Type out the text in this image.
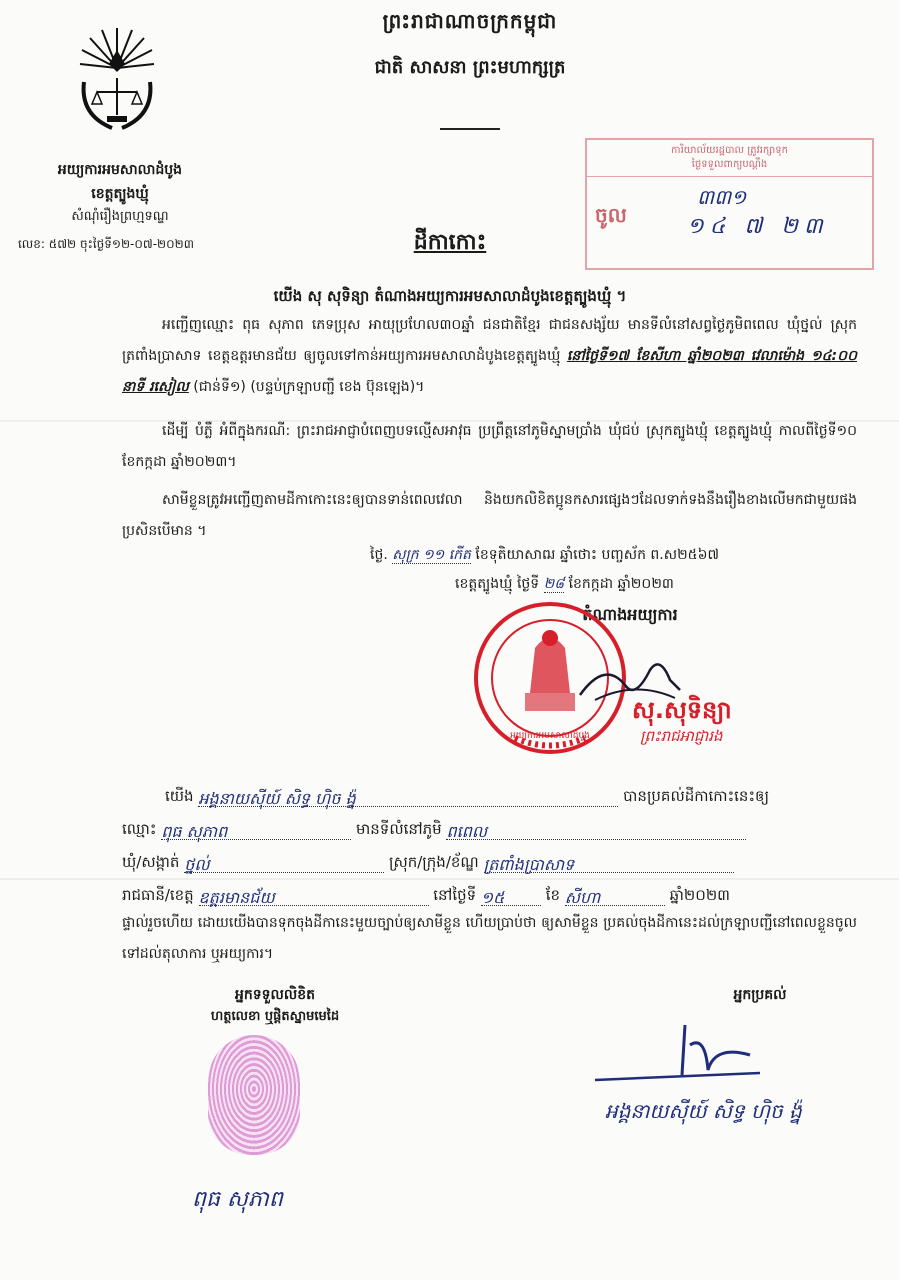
ព្រះរាជាណាចក្រកម្ពុជា
ជាតិ សាសនា ព្រះមហាក្សត្រ
អយ្យការអមសាលាដំបូង
ខេត្តត្បូងឃ្មុំ
សំណុំរឿងព្រហ្មទណ្ឌ
លេខ: ៥៧២ ចុះថ្ងៃទី១២-០៧-២០២៣
ការិយាល័យរដ្ឋបាល ត្រូវរក្សាទុក
ថ្ងៃទទួលពាក្យបណ្តឹង
ចូល
៣៣១
១៤ ៧ ២៣
ដីកាកោះ
យើង សុ សុទិន្យា តំណាងអយ្យការអមសាលាដំបូងខេត្តត្បូងឃ្មុំ ។
អញ្ជើញឈ្មោះ ពុធ សុភាព ភេទប្រុស អាយុប្រហែល៣០ឆ្នាំ ជនជាតិខ្មែរ ជាជនសង្ស័យ មានទីលំនៅសព្វថ្ងៃភូមិពពេល ឃុំថ្នល់ ស្រុកត្រពាំងប្រាសាទ ខេត្តឧត្តរមានជ័យ ឲ្យចូលទៅកាន់អយ្យការអមសាលាដំបូងខេត្តត្បូងឃ្មុំ នៅថ្ងៃទី១៧ ខែសីហា ឆ្នាំ២០២៣ វេលាម៉ោង ១៤:០០ នាទី រសៀល (ជាន់ទី១) (បន្ទប់ក្រឡាបញ្ជី ខេង ប៊ុនឡេង)។
ដើម្បី បំភ្លឺ អំពីក្នុងករណី: ព្រះរាជអាជ្ញាបំពេញបទល្មើសអាវុធ ប្រព្រឹត្តនៅភូមិស្នាមប្រាំង ឃុំជប់ ស្រុកត្បូងឃ្មុំ ខេត្តត្បូងឃ្មុំ កាលពីថ្ងៃទី១០ ខែកក្កដា ឆ្នាំ២០២៣។
សាមីខ្លួនត្រូវអញ្ជើញតាមដីកាកោះនេះឲ្យបានទាន់ពេលវេលា និងយកលិខិតប្អូនកសារផ្សេងៗដែលទាក់ទងនឹងរឿងខាងលើមកជាមួយផង ប្រសិនបើមាន ។
ថ្ងៃ. សុក្រ ១១ កើត ខែទុតិយាសាឍ ឆ្នាំថោះ បញ្ចស័ក ព.ស២៥៦៧
ខេត្តត្បូងឃ្មុំ ថ្ងៃទី ២៨ ខែកក្កដា ឆ្នាំ២០២៣
តំណាងអយ្យការ
អយ្យការអមសាលាដំបូង
សុ.សុទិន្យា
ព្រះរាជអាជ្ញារង
យើង អង្គនាយស៊ីយ៍ សិទ្ធ ហ៊ិច ង្វ៉ុ	បានប្រគល់ដីកាកោះនេះឲ្យ
ឈ្មោះ ពុធ សុភាព	មានទីលំនៅភូមិ ពពេល
ឃុំ/សង្កាត់ ថ្នល់	ស្រុក/ក្រុង/ខ័ណ្ឌ ត្រពាំងប្រាសាទ
រាជធានី/ខេត្ត ឧត្តរមានជ័យ	នៅថ្ងៃទី ១៥	ខែ សីហា	ឆ្នាំ២០២៣
ផ្ទាល់រួចហើយ ដោយយើងបានទុកចុងដីកានេះមួយច្បាប់ឲ្យសាមីខ្លួន ហើយប្រាប់ថា ឲ្យសាមីខ្លួន ប្រគល់ចុងដីកានេះដល់ក្រឡាបញ្ជីនៅពេលខ្លួនចូលទៅដល់តុលាការ ឬអយ្យការ។
អ្នកទទួលលិខិត
ហត្ថលេខា ឬផ្តិតស្នាមមេដៃ
អ្នកប្រគល់
អង្គនាយស៊ីយ៍ សិទ្ធ ហ៊ិច ង្វ៉ុ
ពុធ សុភាព
